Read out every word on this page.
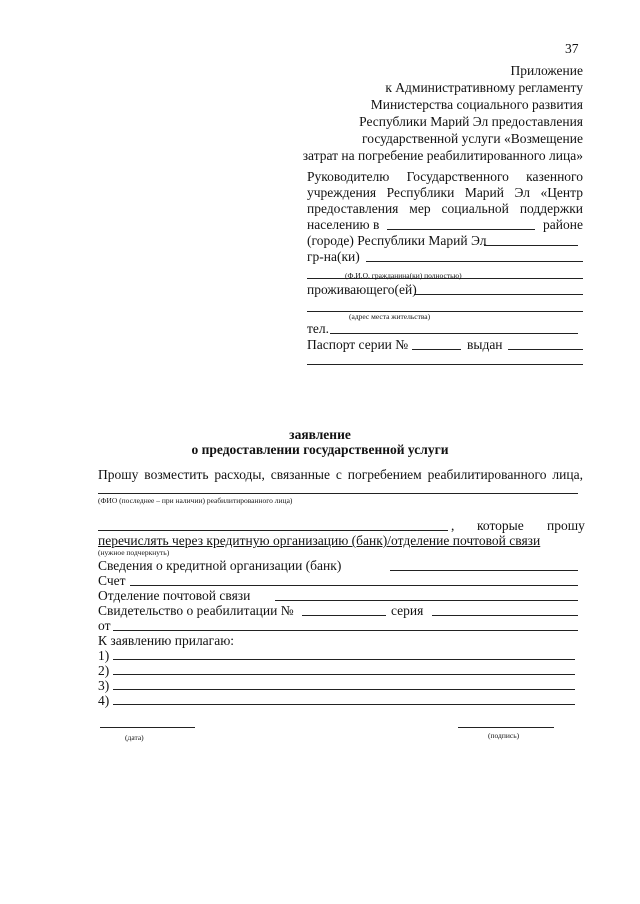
37
Приложение
к Административному регламенту
Министерства социального развития
Республики Марий Эл предоставления
государственной услуги «Возмещение
затрат на погребение реабилитированного лица»
Руководителю Государственного казенного
учреждения Республики Марий Эл «Центр
предоставления мер социальной поддержки
населению в	районе
(городе) Республики Марий Эл
гр-на(ки)
(Ф.И.О. гражданина(ки) полностью)
проживающего(ей)
(адрес места жительства)
тел.
Паспорт серии №	выдан
заявление
о предоставлении государственной услуги
Прошу возместить расходы, связанные с погребением реабилитированного лица,
(ФИО (последнее – при наличии) реабилитированного лица)
, которые прошу
перечислять через кредитную организацию (банк)/отделение почтовой связи
(нужное подчеркнуть)
Сведения о кредитной организации (банк)
Счет
Отделение почтовой связи
Свидетельство о реабилитации №	серия
от
К заявлению прилагаю:
1)
2)
3)
4)
(дата)	(подпись)
